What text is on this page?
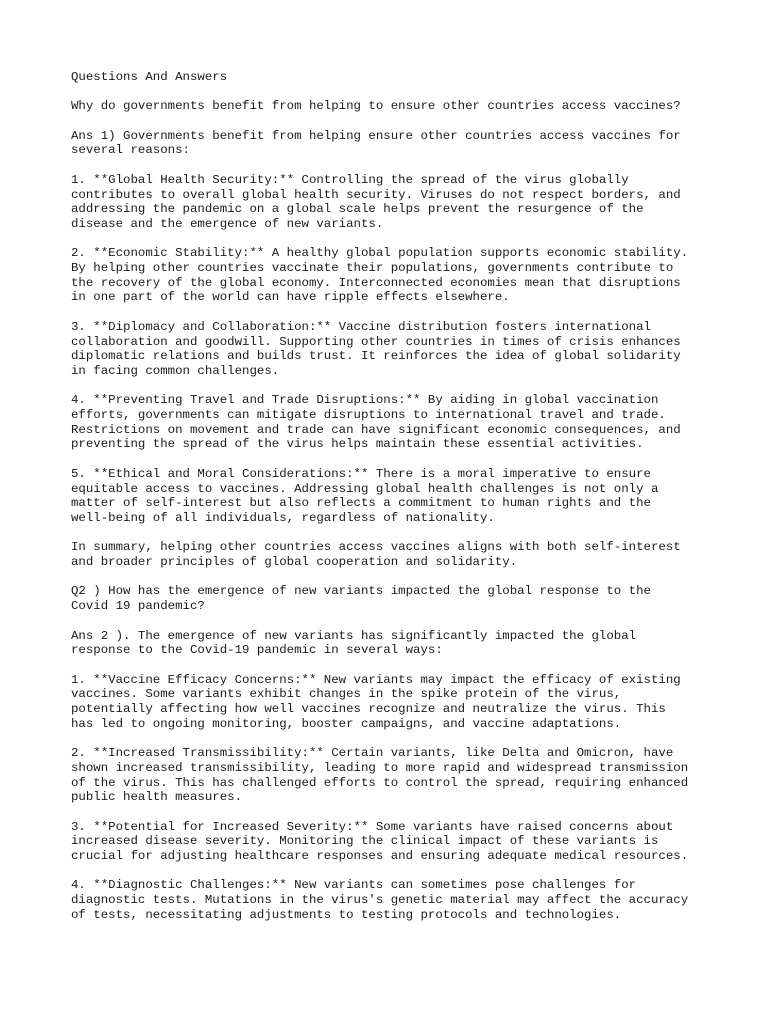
Questions And Answers

Why do governments benefit from helping to ensure other countries access vaccines?

Ans 1) Governments benefit from helping ensure other countries access vaccines for
several reasons:

1. **Global Health Security:** Controlling the spread of the virus globally
contributes to overall global health security. Viruses do not respect borders, and
addressing the pandemic on a global scale helps prevent the resurgence of the
disease and the emergence of new variants.

2. **Economic Stability:** A healthy global population supports economic stability.
By helping other countries vaccinate their populations, governments contribute to
the recovery of the global economy. Interconnected economies mean that disruptions
in one part of the world can have ripple effects elsewhere.

3. **Diplomacy and Collaboration:** Vaccine distribution fosters international
collaboration and goodwill. Supporting other countries in times of crisis enhances
diplomatic relations and builds trust. It reinforces the idea of global solidarity
in facing common challenges.

4. **Preventing Travel and Trade Disruptions:** By aiding in global vaccination
efforts, governments can mitigate disruptions to international travel and trade.
Restrictions on movement and trade can have significant economic consequences, and
preventing the spread of the virus helps maintain these essential activities.

5. **Ethical and Moral Considerations:** There is a moral imperative to ensure
equitable access to vaccines. Addressing global health challenges is not only a
matter of self-interest but also reflects a commitment to human rights and the
well-being of all individuals, regardless of nationality.

In summary, helping other countries access vaccines aligns with both self-interest
and broader principles of global cooperation and solidarity.

Q2 ) How has the emergence of new variants impacted the global response to the
Covid 19 pandemic?

Ans 2 ). The emergence of new variants has significantly impacted the global
response to the Covid-19 pandemic in several ways:

1. **Vaccine Efficacy Concerns:** New variants may impact the efficacy of existing
vaccines. Some variants exhibit changes in the spike protein of the virus,
potentially affecting how well vaccines recognize and neutralize the virus. This
has led to ongoing monitoring, booster campaigns, and vaccine adaptations.

2. **Increased Transmissibility:** Certain variants, like Delta and Omicron, have
shown increased transmissibility, leading to more rapid and widespread transmission
of the virus. This has challenged efforts to control the spread, requiring enhanced
public health measures.

3. **Potential for Increased Severity:** Some variants have raised concerns about
increased disease severity. Monitoring the clinical impact of these variants is
crucial for adjusting healthcare responses and ensuring adequate medical resources.

4. **Diagnostic Challenges:** New variants can sometimes pose challenges for
diagnostic tests. Mutations in the virus's genetic material may affect the accuracy
of tests, necessitating adjustments to testing protocols and technologies.
